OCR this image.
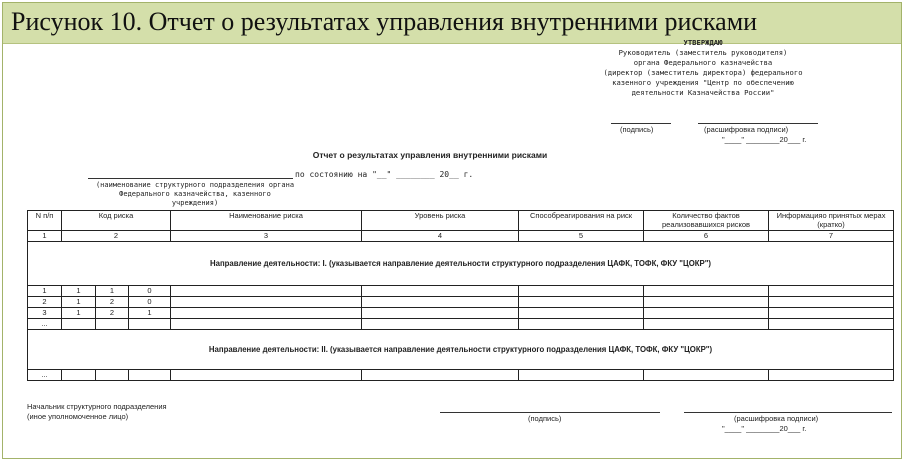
Рисунок 10. Отчет о результатах управления внутренними рисками
УТВЕРЖДАЮ
Руководитель (заместитель руководителя)
органа Федерального казначейства
(директор (заместитель директора) федерального
казенного учреждения "Центр по обеспечению
деятельности Казначейства России"
(подпись)	(расшифровка подписи)
"____" ________20___ г.
Отчет о результатах управления внутренними рисками
по состоянию на "__" ________ 20__ г.
(наименование структурного подразделения органа Федерального казначейства, казенного учреждения)
N п/п	Код риска			Наименование риска	Уровень риска	Способреагирования на риск	Количество фактов реализовавшихся рисков	Информацияо принятых мерах (кратко)
1	2			3	4	5	6	7
Направление деятельности: I. (указывается направление деятельности структурного подразделения ЦАФК, ТОФК, ФКУ "ЦОКР")								
1	1	1	0					
2	1	2	0					
3	1	2	1					
...								
Направление деятельности: II. (указывается направление деятельности структурного подразделения ЦАФК, ТОФК, ФКУ "ЦОКР")								
...								
Начальник структурного подразделения
(иное уполномоченное лицо)	(подпись)	(расшифровка подписи)
"____" ________20___ г.
